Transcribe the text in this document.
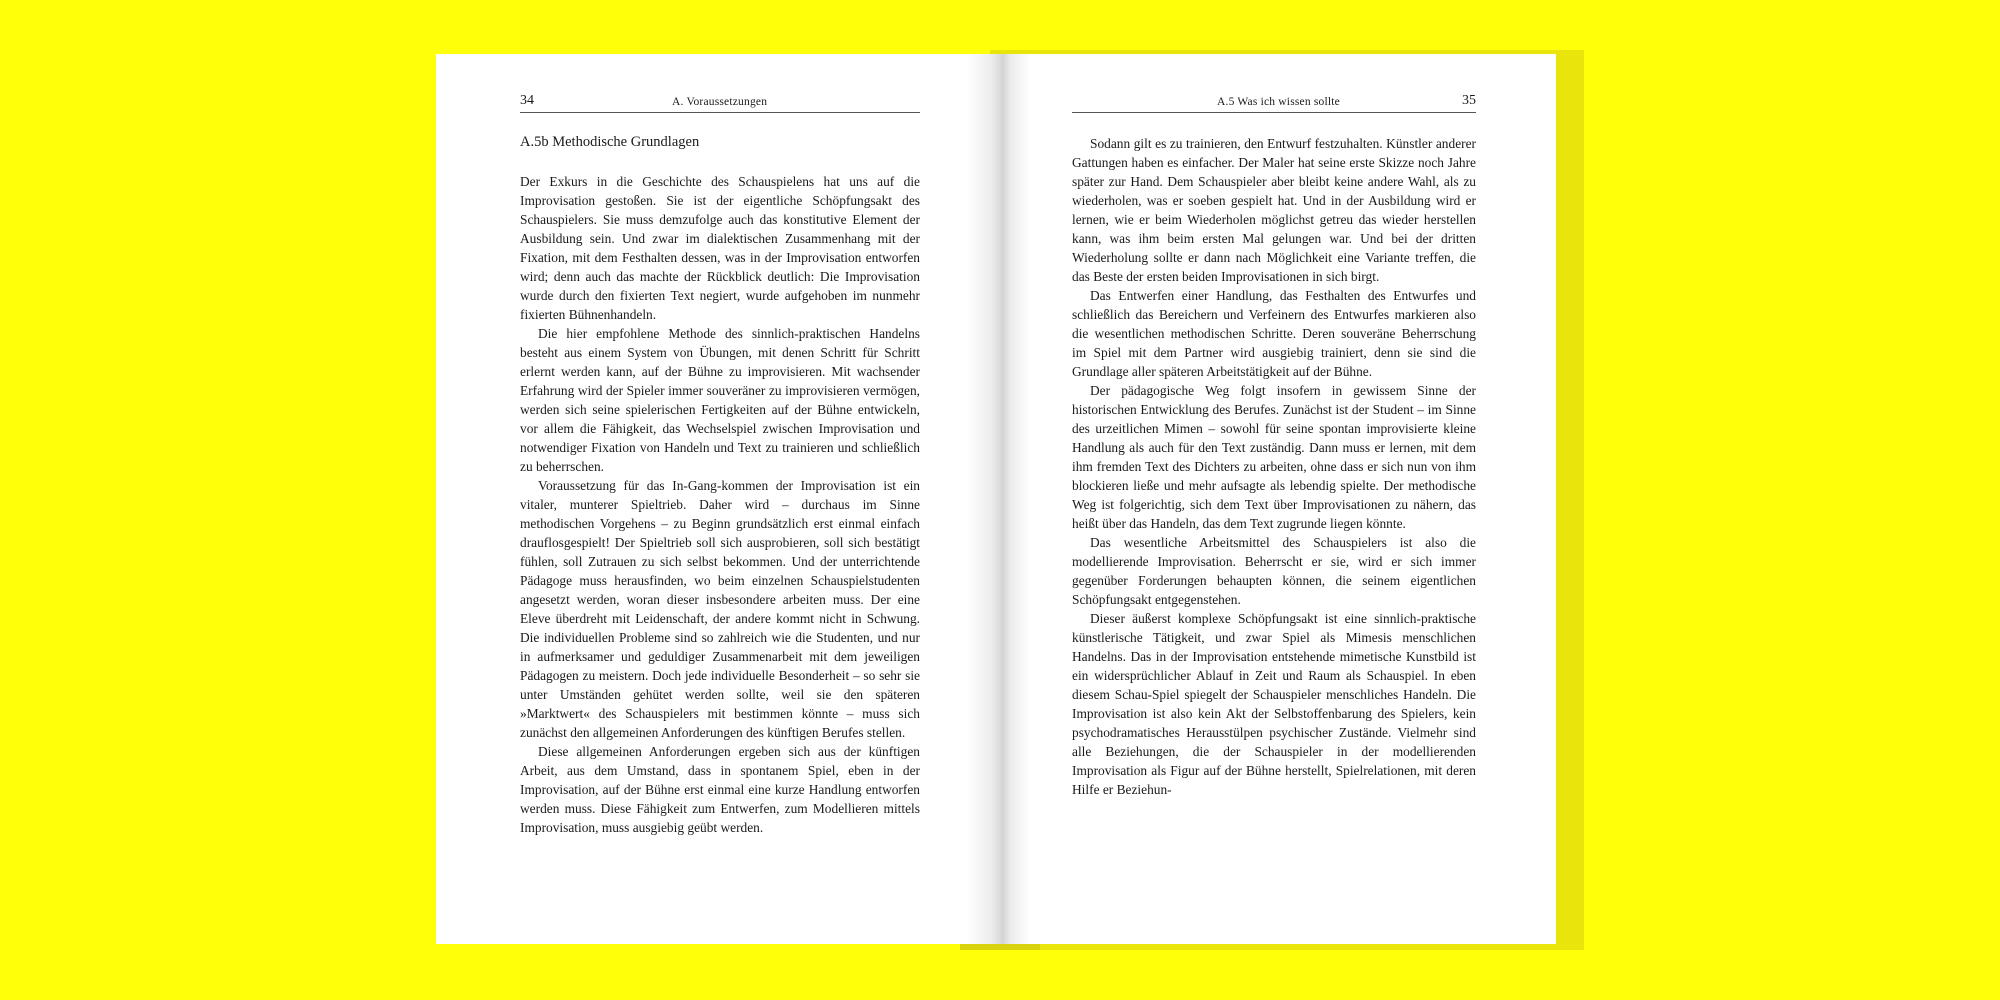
34	A. Voraussetzungen
A.5b Methodische Grundlagen

Der Exkurs in die Geschichte des Schauspielens hat uns auf die Improvisation gestoßen. Sie ist der eigentliche Schöpfungsakt des Schauspielers. Sie muss demzufolge auch das konstitutive Element der Ausbildung sein. Und zwar im dialektischen Zusammenhang mit der Fixation, mit dem Festhalten dessen, was in der Improvisation entworfen wird; denn auch das machte der Rückblick deutlich: Die Improvisation wurde durch den fixierten Text negiert, wurde aufgehoben im nunmehr fixierten Bühnenhandeln.

Die hier empfohlene Methode des sinnlich-praktischen Handelns besteht aus einem System von Übungen, mit denen Schritt für Schritt erlernt werden kann, auf der Bühne zu improvisieren. Mit wachsender Erfahrung wird der Spieler immer souveräner zu improvisieren vermögen, werden sich seine spielerischen Fertigkeiten auf der Bühne entwickeln, vor allem die Fähigkeit, das Wechselspiel zwischen Improvisation und notwendiger Fixation von Handeln und Text zu trainieren und schließlich zu beherrschen.

Voraussetzung für das In-Gang-kommen der Improvisation ist ein vitaler, munterer Spieltrieb. Daher wird – durchaus im Sinne methodischen Vorgehens – zu Beginn grundsätzlich erst einmal einfach drauflosgespielt! Der Spieltrieb soll sich ausprobieren, soll sich bestätigt fühlen, soll Zutrauen zu sich selbst bekommen. Und der unterrichtende Pädagoge muss herausfinden, wo beim einzelnen Schauspielstudenten angesetzt werden, woran dieser insbesondere arbeiten muss. Der eine Eleve überdreht mit Leidenschaft, der andere kommt nicht in Schwung. Die individuellen Probleme sind so zahlreich wie die Studenten, und nur in aufmerksamer und geduldiger Zusammenarbeit mit dem jeweiligen Pädagogen zu meistern. Doch jede individuelle Besonderheit – so sehr sie unter Umständen gehütet werden sollte, weil sie den späteren »Marktwert« des Schauspielers mit bestimmen könnte – muss sich zunächst den allgemeinen Anforderungen des künftigen Berufes stellen.

Diese allgemeinen Anforderungen ergeben sich aus der künftigen Arbeit, aus dem Umstand, dass in spontanem Spiel, eben in der Improvisation, auf der Bühne erst einmal eine kurze Handlung entworfen werden muss. Diese Fähigkeit zum Entwerfen, zum Modellieren mittels Improvisation, muss ausgiebig geübt werden.

A.5 Was ich wissen sollte	35

Sodann gilt es zu trainieren, den Entwurf festzuhalten. Künstler anderer Gattungen haben es einfacher. Der Maler hat seine erste Skizze noch Jahre später zur Hand. Dem Schauspieler aber bleibt keine andere Wahl, als zu wiederholen, was er soeben gespielt hat. Und in der Ausbildung wird er lernen, wie er beim Wiederholen möglichst getreu das wieder herstellen kann, was ihm beim ersten Mal gelungen war. Und bei der dritten Wiederholung sollte er dann nach Möglichkeit eine Variante treffen, die das Beste der ersten beiden Improvisationen in sich birgt.

Das Entwerfen einer Handlung, das Festhalten des Entwurfes und schließlich das Bereichern und Verfeinern des Entwurfes markieren also die wesentlichen methodischen Schritte. Deren souveräne Beherrschung im Spiel mit dem Partner wird ausgiebig trainiert, denn sie sind die Grundlage aller späteren Arbeitstätigkeit auf der Bühne.

Der pädagogische Weg folgt insofern in gewissem Sinne der historischen Entwicklung des Berufes. Zunächst ist der Student – im Sinne des urzeitlichen Mimen – sowohl für seine spontan improvisierte kleine Handlung als auch für den Text zuständig. Dann muss er lernen, mit dem ihm fremden Text des Dichters zu arbeiten, ohne dass er sich nun von ihm blockieren ließe und mehr aufsagte als lebendig spielte. Der methodische Weg ist folgerichtig, sich dem Text über Improvisationen zu nähern, das heißt über das Handeln, das dem Text zugrunde liegen könnte.

Das wesentliche Arbeitsmittel des Schauspielers ist also die modellierende Improvisation. Beherrscht er sie, wird er sich immer gegenüber Forderungen behaupten können, die seinem eigentlichen Schöpfungsakt entgegenstehen.

Dieser äußerst komplexe Schöpfungsakt ist eine sinnlich-praktische künstlerische Tätigkeit, und zwar Spiel als Mimesis menschlichen Handelns. Das in der Improvisation entstehende mimetische Kunstbild ist ein widersprüchlicher Ablauf in Zeit und Raum als Schauspiel. In eben diesem Schau-Spiel spiegelt der Schauspieler menschliches Handeln. Die Improvisation ist also kein Akt der Selbstoffenbarung des Spielers, kein psychodramatisches Herausstülpen psychischer Zustände. Vielmehr sind alle Beziehungen, die der Schauspieler in der modellierenden Improvisation als Figur auf der Bühne herstellt, Spielrelationen, mit deren Hilfe er Beziehun-
